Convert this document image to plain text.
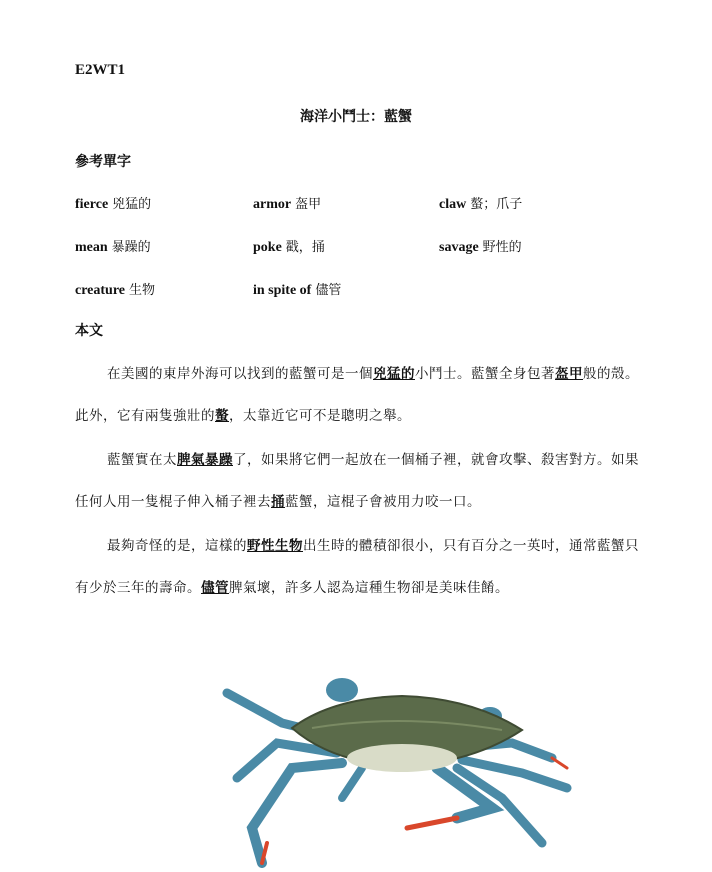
E2WT1
海洋小鬥士：藍蟹
參考單字
fierce 兇猛的	armor 盔甲	claw 螯；爪子
mean 暴躁的	poke 戳，捅	savage 野性的
creature 生物	in spite of 儘管
本文

在美國的東岸外海可以找到的藍蟹可是一個兇猛的小鬥士。藍蟹全身包著盔甲般的殼。此外，它有兩隻強壯的螯，太靠近它可不是聰明之舉。

藍蟹實在太脾氣暴躁了，如果將它們一起放在一個桶子裡，就會攻擊、殺害對方。如果任何人用一隻棍子伸入桶子裡去捅藍蟹，這棍子會被用力咬一口。

最夠奇怪的是，這樣的野性生物出生時的體積卻很小，只有百分之一英吋，通常藍蟹只有少於三年的壽命。儘管脾氣壞，許多人認為這種生物卻是美味佳餚。
